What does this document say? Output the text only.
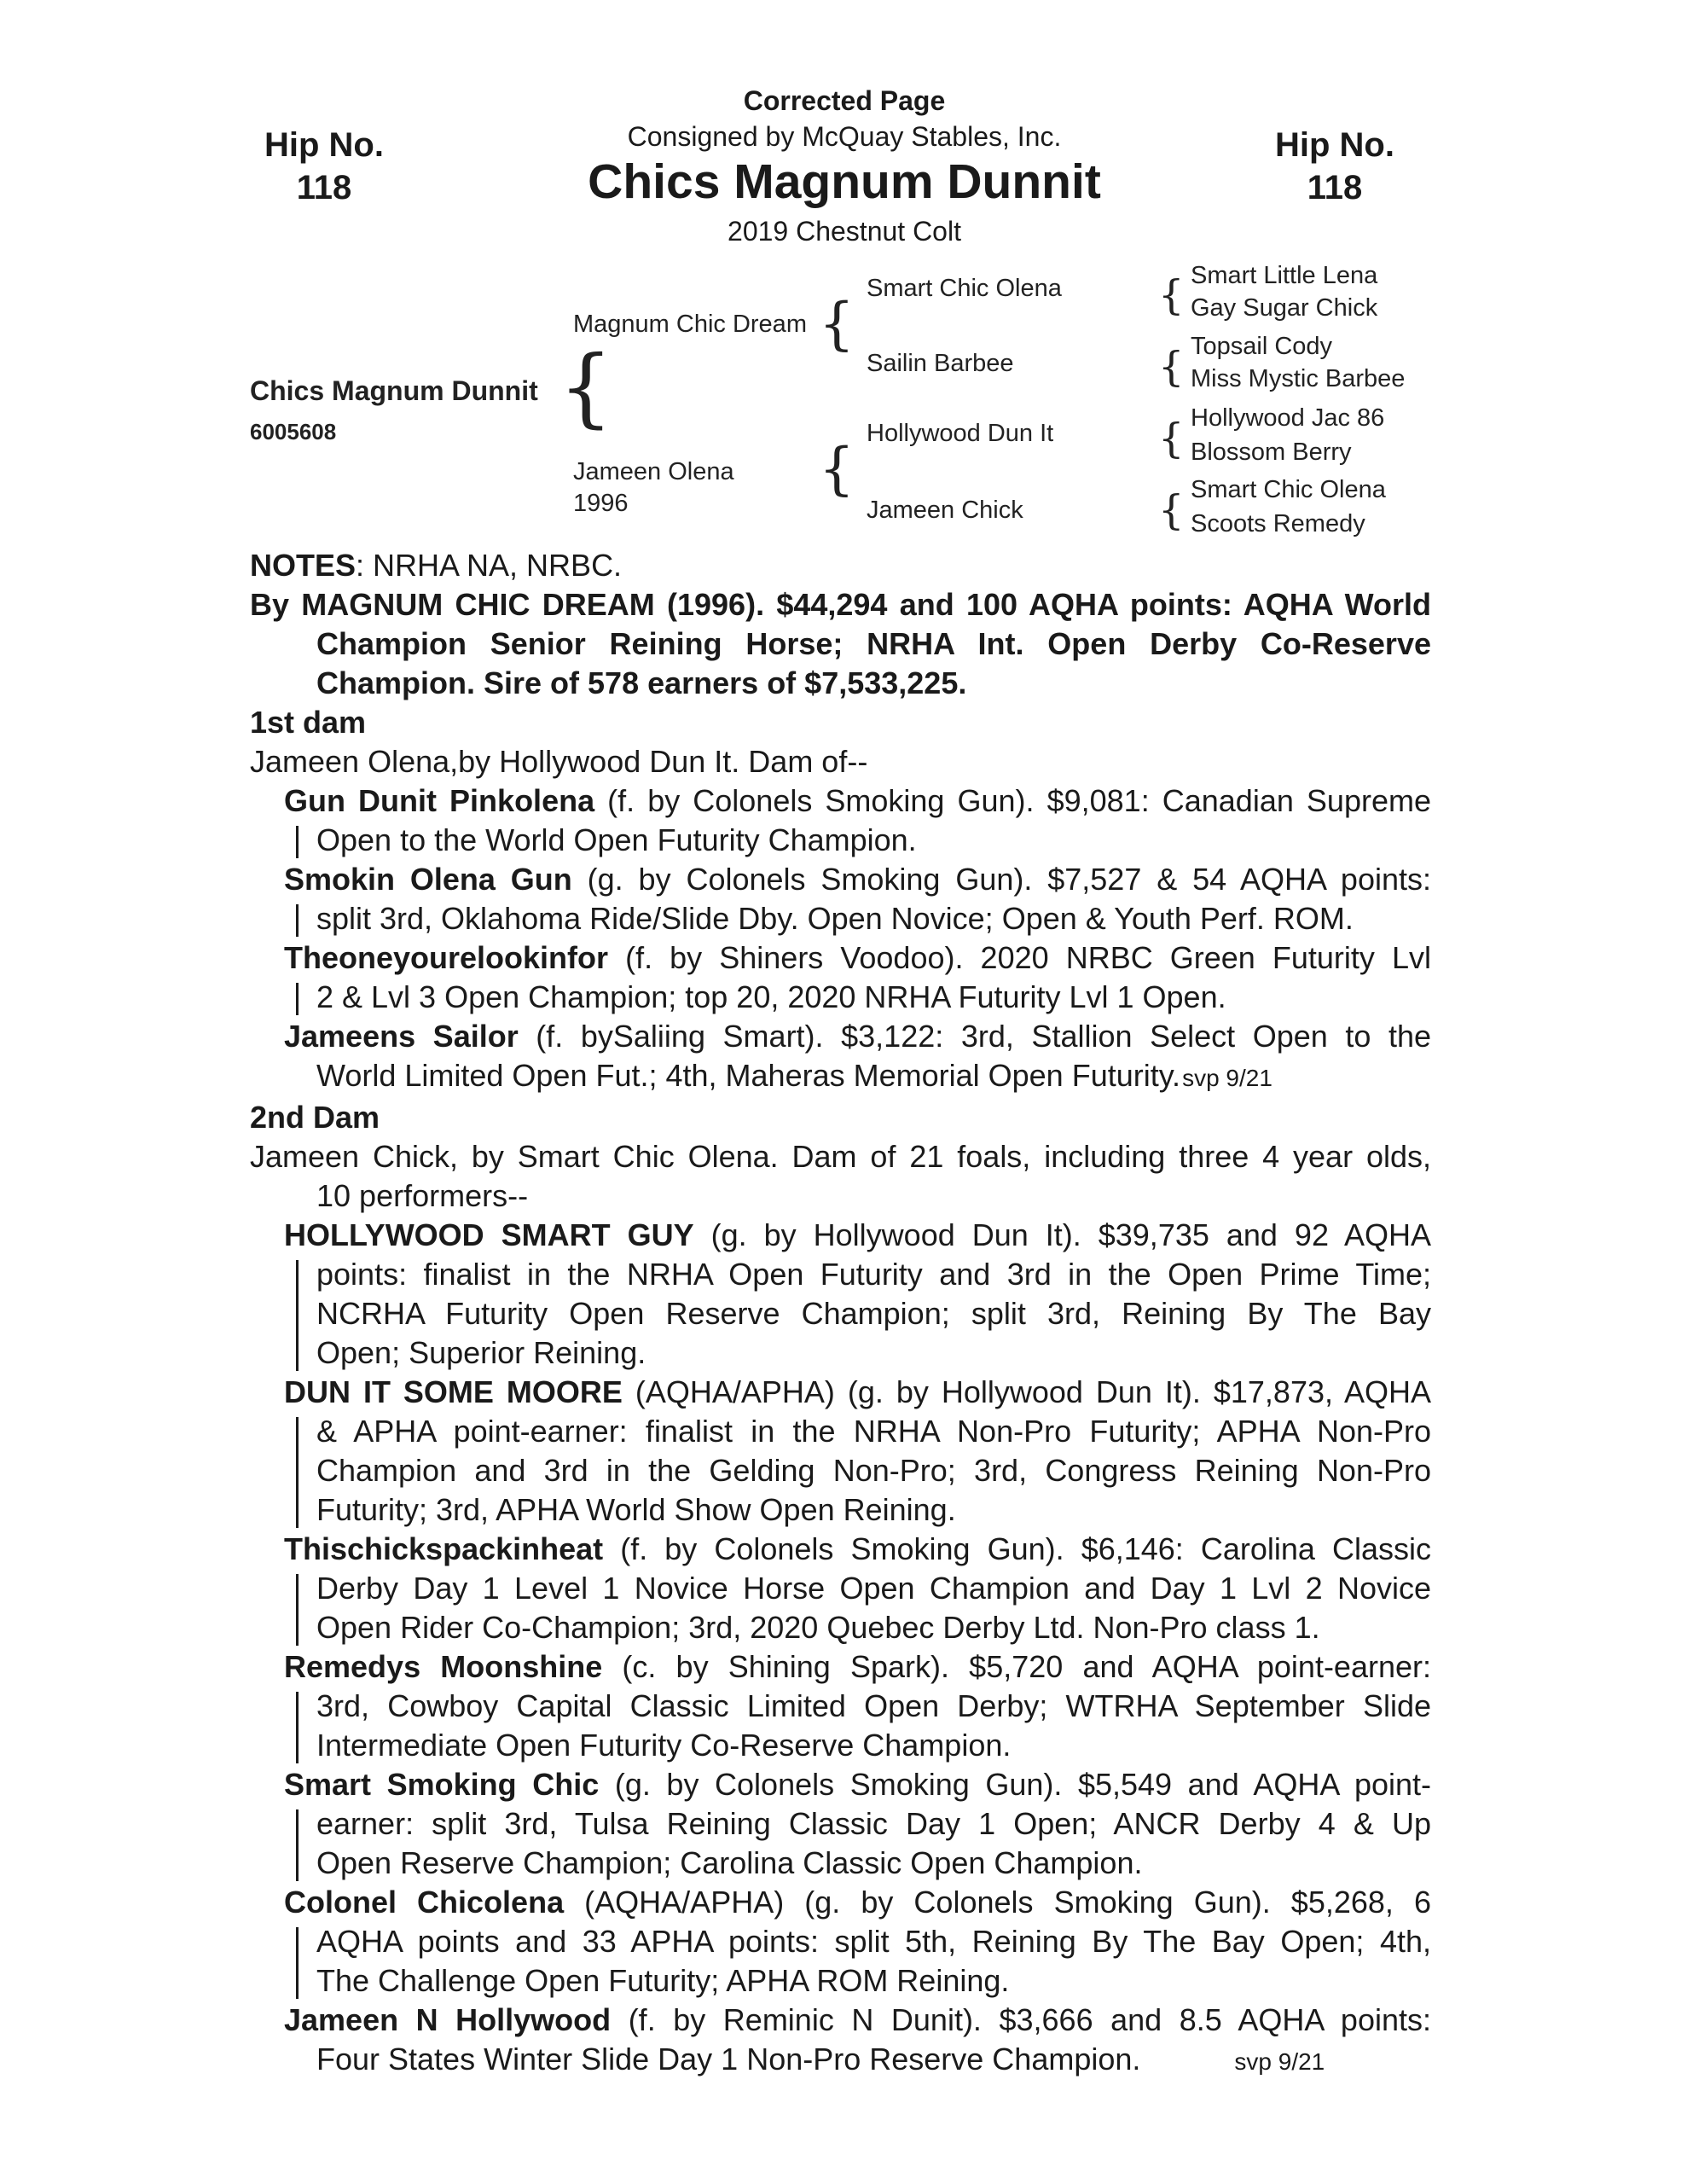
Hip No.
118
Hip No.
118
Corrected Page
Consigned by McQuay Stables, Inc.
Chics Magnum Dunnit
2019 Chestnut Colt
Chics Magnum Dunnit
6005608	{
Magnum Chic Dream {
Jameen Olena
1996
{
Smart Chic Olena
Sailin Barbee
Hollywood Dun It
Jameen Chick
{
{
{
{
Smart Little Lena
Gay Sugar Chick
Topsail Cody
Miss Mystic Barbee
Hollywood Jac 86
Blossom Berry
Smart Chic Olena
Scoots Remedy

NOTES: NRHA NA, NRBC.

By MAGNUM CHIC DREAM (1996). $44,294 and 100 AQHA points: AQHA World

Champion Senior Reining Horse; NRHA Int. Open Derby Co-Reserve

Champion. Sire of 578 earners of $7,533,225.

1st dam

Jameen Olena,by Hollywood Dun It. Dam of--

Gun Dunit Pinkolena (f. by Colonels Smoking Gun). $9,081: Canadian Supreme

Open to the World Open Futurity Champion.

Smokin Olena Gun (g. by Colonels Smoking Gun). $7,527 & 54 AQHA points:

split 3rd, Oklahoma Ride/Slide Dby. Open Novice; Open & Youth Perf. ROM.

Theoneyourelookinfor (f. by Shiners Voodoo). 2020 NRBC Green Futurity Lvl

2 & Lvl 3 Open Champion; top 20, 2020 NRHA Futurity Lvl 1 Open.

Jameens Sailor (f. bySaliing Smart). $3,122: 3rd, Stallion Select Open to the

World Limited Open Fut.; 4th, Maheras Memorial Open Futurity.svp 9/21

2nd Dam

Jameen Chick, by Smart Chic Olena. Dam of 21 foals, including three 4 year olds,

10 performers--

HOLLYWOOD SMART GUY (g. by Hollywood Dun It). $39,735 and 92 AQHA

points: finalist in the NRHA Open Futurity and 3rd in the Open Prime Time;

NCRHA Futurity Open Reserve Champion; split 3rd, Reining By The Bay

Open; Superior Reining.

DUN IT SOME MOORE (AQHA/APHA) (g. by Hollywood Dun It). $17,873, AQHA

& APHA point-earner: finalist in the NRHA Non-Pro Futurity; APHA Non-Pro

Champion and 3rd in the Gelding Non-Pro; 3rd, Congress Reining Non-Pro

Futurity; 3rd, APHA World Show Open Reining.

Thischickspackinheat (f. by Colonels Smoking Gun). $6,146: Carolina Classic

Derby Day 1 Level 1 Novice Horse Open Champion and Day 1 Lvl 2 Novice

Open Rider Co-Champion; 3rd, 2020 Quebec Derby Ltd. Non-Pro class 1.

Remedys Moonshine (c. by Shining Spark). $5,720 and AQHA point-earner:

3rd, Cowboy Capital Classic Limited Open Derby; WTRHA September Slide

Intermediate Open Futurity Co-Reserve Champion.

Smart Smoking Chic (g. by Colonels Smoking Gun). $5,549 and AQHA point-

earner: split 3rd, Tulsa Reining Classic Day 1 Open; ANCR Derby 4 & Up

Open Reserve Champion; Carolina Classic Open Champion.

Colonel Chicolena (AQHA/APHA) (g. by Colonels Smoking Gun). $5,268, 6

AQHA points and 33 APHA points: split 5th, Reining By The Bay Open; 4th,

The Challenge Open Futurity; APHA ROM Reining.

Jameen N Hollywood (f. by Reminic N Dunit). $3,666 and 8.5 AQHA points:

Four States Winter Slide Day 1 Non-Pro Reserve Champion.	svp 9/21
